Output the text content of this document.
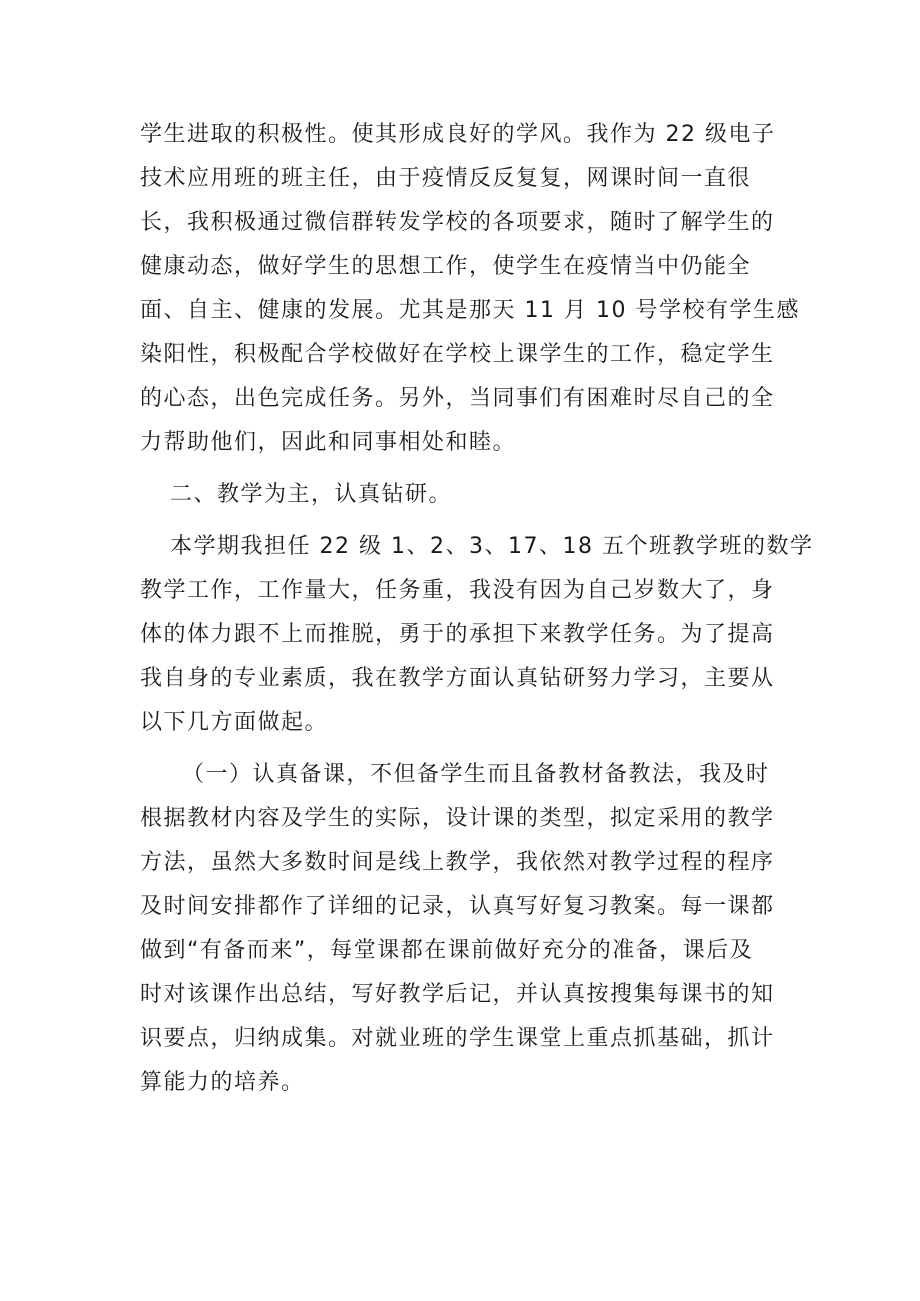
学生进取的积极性。使其形成良好的学风。我作为 22 级电子
技术应用班的班主任，由于疫情反反复复，网课时间一直很
长，我积极通过微信群转发学校的各项要求，随时了解学生的
健康动态，做好学生的思想工作，使学生在疫情当中仍能全
面、自主、健康的发展。尤其是那天 11 月 10 号学校有学生感
染阳性，积极配合学校做好在学校上课学生的工作，稳定学生
的心态，出色完成任务。另外，当同事们有困难时尽自己的全
力帮助他们，因此和同事相处和睦。
二、教学为主，认真钻研。
本学期我担任 22 级 1、2、3、17、18 五个班教学班的数学
教学工作，工作量大，任务重，我没有因为自己岁数大了，身
体的体力跟不上而推脱，勇于的承担下来教学任务。为了提高
我自身的专业素质，我在教学方面认真钻研努力学习，主要从
以下几方面做起。
（一）认真备课，不但备学生而且备教材备教法，我及时
根据教材内容及学生的实际，设计课的类型，拟定采用的教学
方法，虽然大多数时间是线上教学，我依然对教学过程的程序
及时间安排都作了详细的记录，认真写好复习教案。每一课都
做到“有备而来”，每堂课都在课前做好充分的准备，课后及
时对该课作出总结，写好教学后记，并认真按搜集每课书的知
识要点，归纳成集。对就业班的学生课堂上重点抓基础，抓计
算能力的培养。
